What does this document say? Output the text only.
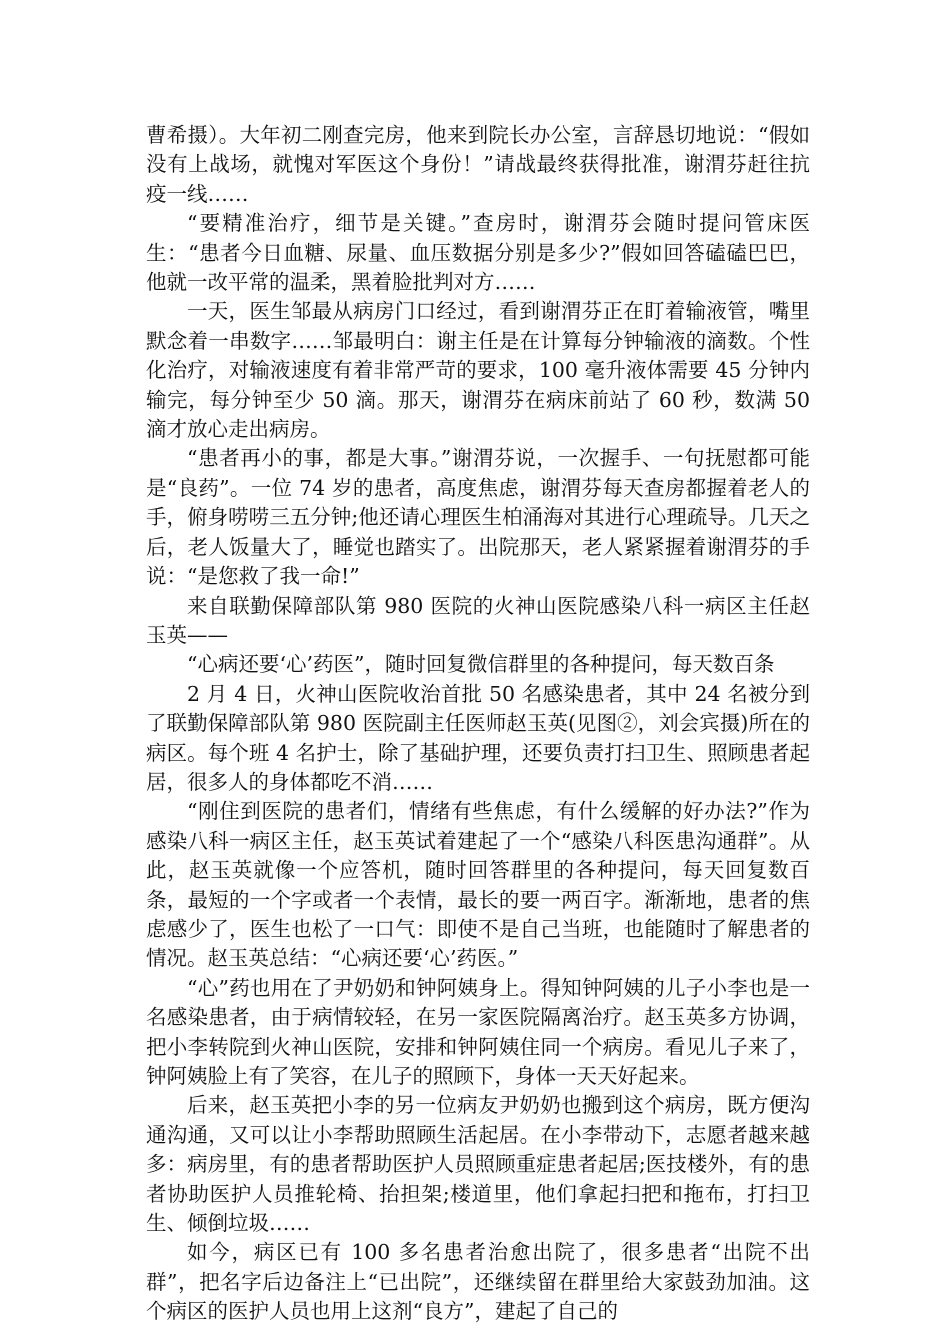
曹希摄）。大年初二刚查完房，他来到院长办公室，言辞恳切地说：“假如没有上战场，就愧对军医这个身份！”请战最终获得批准，谢渭芬赶往抗疫一线……

“要精准治疗，细节是关键。”查房时，谢渭芬会随时提问管床医生：“患者今日血糖、尿量、血压数据分别是多少?”假如回答磕磕巴巴，他就一改平常的温柔，黑着脸批判对方……

一天，医生邹最从病房门口经过，看到谢渭芬正在盯着输液管，嘴里默念着一串数字……邹最明白：谢主任是在计算每分钟输液的滴数。个性化治疗，对输液速度有着非常严苛的要求，100 毫升液体需要 45 分钟内输完，每分钟至少 50 滴。那天，谢渭芬在病床前站了 60 秒，数满 50 滴才放心走出病房。

“患者再小的事，都是大事。”谢渭芬说，一次握手、一句抚慰都可能是“良药”。一位 74 岁的患者，高度焦虑，谢渭芬每天查房都握着老人的手，俯身唠唠三五分钟;他还请心理医生柏涌海对其进行心理疏导。几天之后，老人饭量大了，睡觉也踏实了。出院那天，老人紧紧握着谢渭芬的手说：“是您救了我一命!”

来自联勤保障部队第 980 医院的火神山医院感染八科一病区主任赵玉英——

“心病还要‘心’药医”，随时回复微信群里的各种提问，每天数百条

2 月 4 日，火神山医院收治首批 50 名感染患者，其中 24 名被分到了联勤保障部队第 980 医院副主任医师赵玉英(见图②，刘会宾摄)所在的病区。每个班 4 名护士，除了基础护理，还要负责打扫卫生、照顾患者起居，很多人的身体都吃不消……

“刚住到医院的患者们，情绪有些焦虑，有什么缓解的好办法?”作为感染八科一病区主任，赵玉英试着建起了一个“感染八科医患沟通群”。从此，赵玉英就像一个应答机，随时回答群里的各种提问，每天回复数百条，最短的一个字或者一个表情，最长的要一两百字。渐渐地，患者的焦虑感少了，医生也松了一口气：即使不是自己当班，也能随时了解患者的情况。赵玉英总结：“心病还要‘心’药医。”

“心”药也用在了尹奶奶和钟阿姨身上。得知钟阿姨的儿子小李也是一名感染患者，由于病情较轻，在另一家医院隔离治疗。赵玉英多方协调，把小李转院到火神山医院，安排和钟阿姨住同一个病房。看见儿子来了，钟阿姨脸上有了笑容，在儿子的照顾下，身体一天天好起来。

后来，赵玉英把小李的另一位病友尹奶奶也搬到这个病房，既方便沟通沟通，又可以让小李帮助照顾生活起居。在小李带动下，志愿者越来越多：病房里，有的患者帮助医护人员照顾重症患者起居;医技楼外，有的患者协助医护人员推轮椅、抬担架;楼道里，他们拿起扫把和拖布，打扫卫生、倾倒垃圾……

如今，病区已有 100 多名患者治愈出院了，很多患者“出院不出群”，把名字后边备注上“已出院”，还继续留在群里给大家鼓劲加油。这个病区的医护人员也用上这剂“良方”，建起了自己的
